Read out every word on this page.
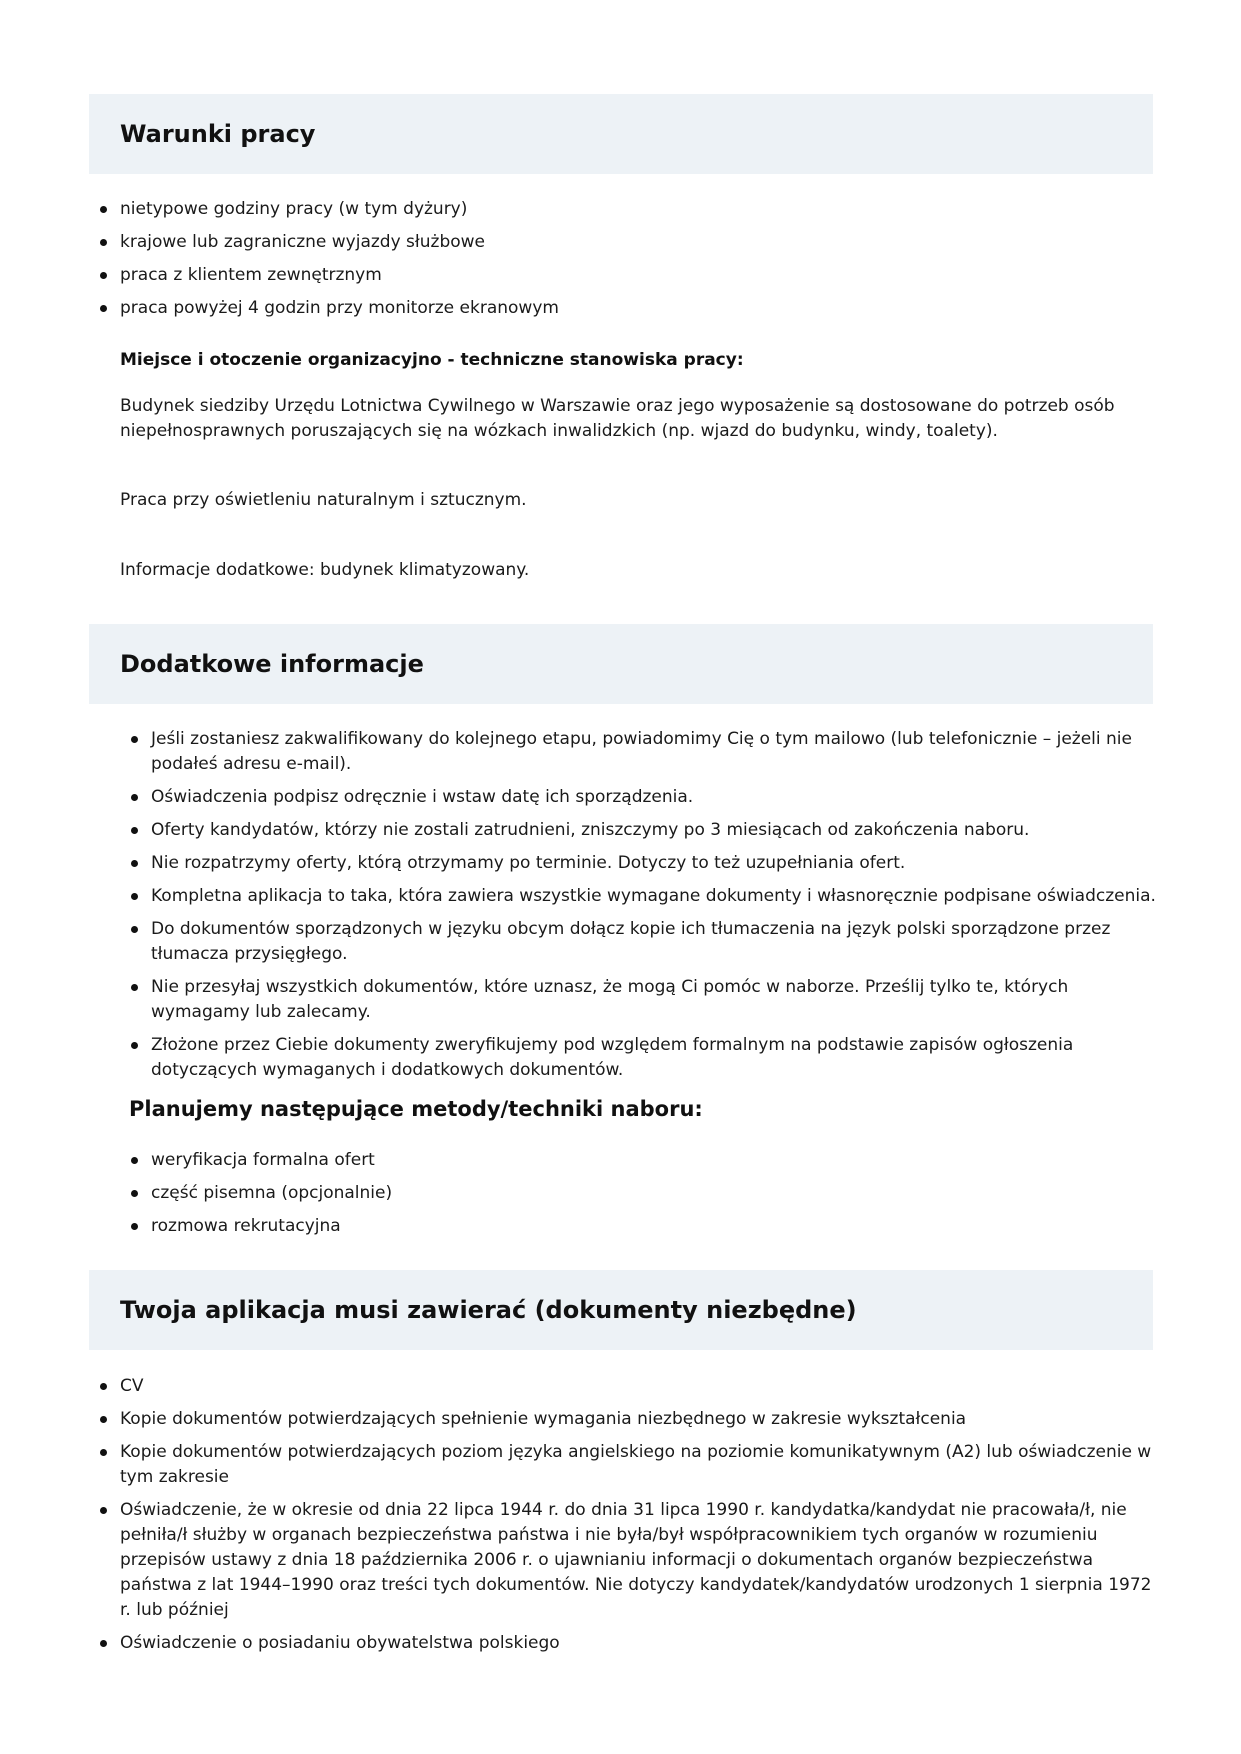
Warunki pracy
nietypowe godziny pracy (w tym dyżury)
krajowe lub zagraniczne wyjazdy służbowe
praca z klientem zewnętrznym
praca powyżej 4 godzin przy monitorze ekranowym
Miejsce i otoczenie organizacyjno - techniczne stanowiska pracy:
Budynek siedziby Urzędu Lotnictwa Cywilnego w Warszawie oraz jego wyposażenie są dostosowane do potrzeb osób niepełnosprawnych poruszających się na wózkach inwalidzkich (np. wjazd do budynku, windy, toalety).
Praca przy oświetleniu naturalnym i sztucznym.
Informacje dodatkowe: budynek klimatyzowany.
Dodatkowe informacje
Jeśli zostaniesz zakwalifikowany do kolejnego etapu, powiadomimy Cię o tym mailowo (lub telefonicznie – jeżeli nie podałeś adresu e-mail).
Oświadczenia podpisz odręcznie i wstaw datę ich sporządzenia.
Oferty kandydatów, którzy nie zostali zatrudnieni, zniszczymy po 3 miesiącach od zakończenia naboru.
Nie rozpatrzymy oferty, którą otrzymamy po terminie. Dotyczy to też uzupełniania ofert.
Kompletna aplikacja to taka, która zawiera wszystkie wymagane dokumenty i własnoręcznie podpisane oświadczenia.
Do dokumentów sporządzonych w języku obcym dołącz kopie ich tłumaczenia na język polski sporządzone przez tłumacza przysięgłego.
Nie przesyłaj wszystkich dokumentów, które uznasz, że mogą Ci pomóc w naborze. Prześlij tylko te, których wymagamy lub zalecamy.
Złożone przez Ciebie dokumenty zweryfikujemy pod względem formalnym na podstawie zapisów ogłoszenia dotyczących wymaganych i dodatkowych dokumentów.
Planujemy następujące metody/techniki naboru:
weryfikacja formalna ofert
część pisemna (opcjonalnie)
rozmowa rekrutacyjna
Twoja aplikacja musi zawierać (dokumenty niezbędne)
CV
Kopie dokumentów potwierdzających spełnienie wymagania niezbędnego w zakresie wykształcenia
Kopie dokumentów potwierdzających poziom języka angielskiego na poziomie komunikatywnym (A2) lub oświadczenie w tym zakresie
Oświadczenie, że w okresie od dnia 22 lipca 1944 r. do dnia 31 lipca 1990 r. kandydatka/kandydat nie pracowała/ł, nie pełniła/ł służby w organach bezpieczeństwa państwa i nie była/był współpracownikiem tych organów w rozumieniu przepisów ustawy z dnia 18 października 2006 r. o ujawnianiu informacji o dokumentach organów bezpieczeństwa państwa z lat 1944–1990 oraz treści tych dokumentów. Nie dotyczy kandydatek/kandydatów urodzonych 1 sierpnia 1972 r. lub później
Oświadczenie o posiadaniu obywatelstwa polskiego
